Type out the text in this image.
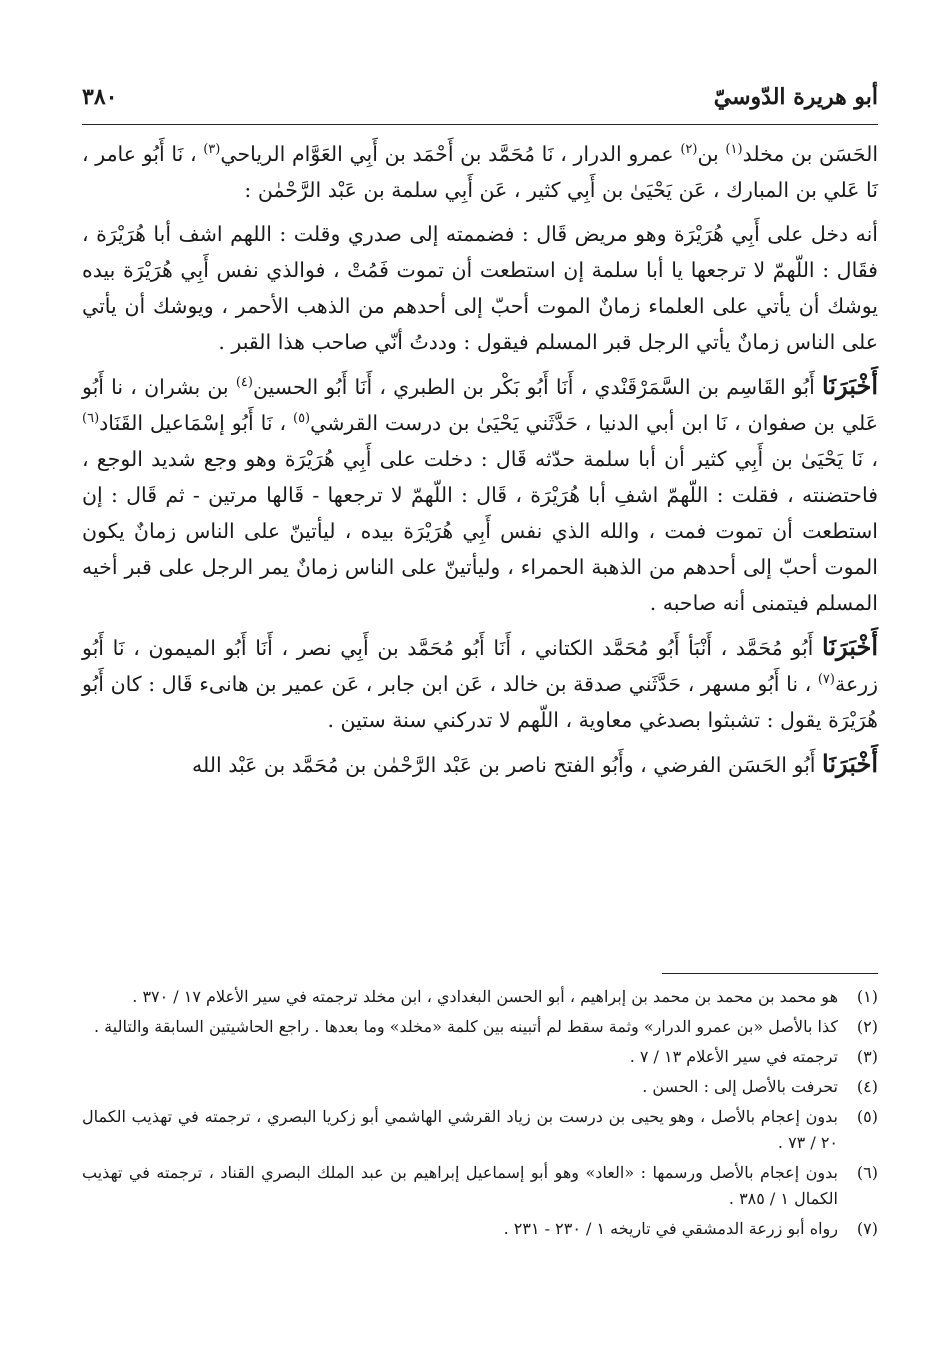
أبو هريرة الدّوسيّ
٣٨٠

الحَسَن بن مخلد$^{(١)}$ بن$^{(٢)}$ عمرو الدرار ، نَا مُحَمَّد بن أَحْمَد بن أَبِي العَوَّام الرياحي$^{(٣)}$ ، نَا أَبُو عامر ، نَا عَلي بن المبارك ، عَن يَحْيَىٰ بن أَبِي كثير ، عَن أَبِي سلمة بن عَبْد الرَّحْمٰن :

أنه دخل على أَبِي هُرَيْرَة وهو مريض قَال : فضممته إلى صدري وقلت : اللهم اشف أبا هُرَيْرَة ، فقَال : اللّهمّ لا ترجعها يا أبا سلمة إن استطعت أن تموت فَمُتْ ، فوالذي نفس أَبِي هُرَيْرَة بيده يوشك أن يأتي على العلماء زمانٌ الموت أحبّ إلى أحدهم من الذهب الأحمر ، ويوشك أن يأتي على الناس زمانٌ يأتي الرجل قبر المسلم فيقول : وددتُ أنّي صاحب هذا القبر .

أَخْبَرَنَا أَبُو القَاسِم بن السَّمَرْقَنْدي ، أَنَا أَبُو بَكْر بن الطبري ، أَنَا أَبُو الحسين$^{(٤)}$ بن بشران ، نا أَبُو عَلي بن صفوان ، نَا ابن أبي الدنيا ، حَدَّثَني يَحْيَىٰ بن درست القرشي$^{(٥)}$ ، نَا أَبُو إسْمَاعيل القَنَاد$^{(٦)}$ ، نَا يَحْيَىٰ بن أَبِي كثير أن أبا سلمة حدّثه قَال : دخلت على أَبِي هُرَيْرَة وهو وجع شديد الوجع ، فاحتضنته ، فقلت : اللّهمّ اشفِ أبا هُرَيْرَة ، قَال : اللّهمّ لا ترجعها - قَالها مرتين - ثم قَال : إن استطعت أن تموت فمت ، والله الذي نفس أَبِي هُرَيْرَة بيده ، ليأتينّ على الناس زمانٌ يكون الموت أحبّ إلى أحدهم من الذهبة الحمراء ، وليأتينّ على الناس زمانٌ يمر الرجل على قبر أخيه المسلم فيتمنى أنه صاحبه .

أَخْبَرَنَا أَبُو مُحَمَّد ، أَنْبَأ أَبُو مُحَمَّد الكتاني ، أَنَا أَبُو مُحَمَّد بن أَبِي نصر ، أَنَا أَبُو الميمون ، نَا أَبُو زرعة$^{(٧)}$ ، نا أَبُو مسهر ، حَدَّثَني صدقة بن خالد ، عَن ابن جابر ، عَن عمير بن هانىء قَال : كان أَبُو هُرَيْرَة يقول : تشبثوا بصدغي معاوية ، اللّهم لا تدركني سنة ستين .

أَخْبَرَنَا أَبُو الحَسَن الفرضي ، وأَبُو الفتح ناصر بن عَبْد الرَّحْمٰن بن مُحَمَّد بن عَبْد الله

(١)
هو محمد بن محمد بن محمد بن إبراهيم ، أبو الحسن البغدادي ، ابن مخلد ترجمته في سير الأعلام ١٧ / ٣٧٠ .
(٢)
كذا بالأصل «بن عمرو الدرار» وثمة سقط لم أتبينه بين كلمة «مخلد» وما بعدها . راجع الحاشيتين السابقة والتالية .
(٣)
ترجمته في سير الأعلام ١٣ / ٧ .
(٤)
تحرفت بالأصل إلى : الحسن .
(٥)
بدون إعجام بالأصل ، وهو يحيى بن درست بن زياد القرشي الهاشمي أبو زكريا البصري ، ترجمته في تهذيب الكمال ٢٠ / ٧٣ .
(٦)
بدون إعجام بالأصل ورسمها : «العاد» وهو أبو إسماعيل إبراهيم بن عبد الملك البصري القناد ، ترجمته في تهذيب الكمال ١ / ٣٨٥ .
(٧)
رواه أبو زرعة الدمشقي في تاريخه ١ / ٢٣٠ - ٢٣١ .
